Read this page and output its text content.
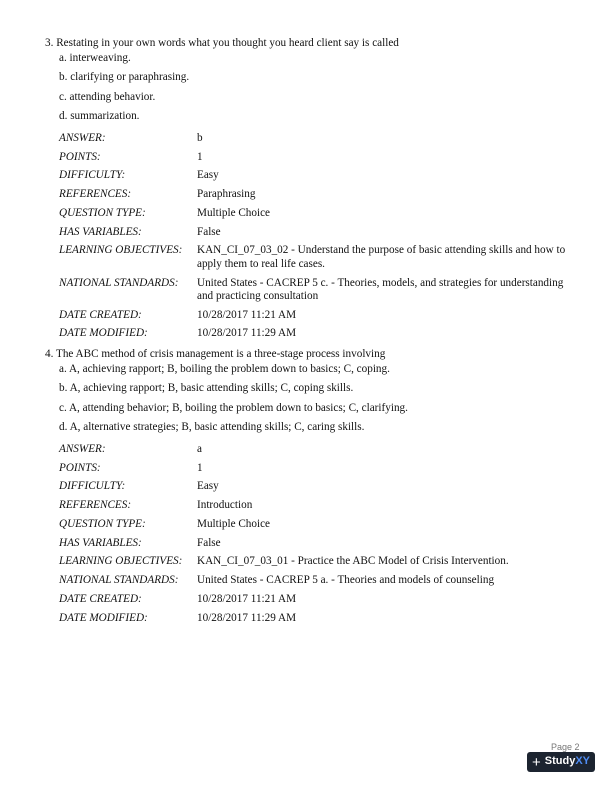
3. Restating in your own words what you thought you heard client say is called

a. interweaving.
b. clarifying or paraphrasing.
c. attending behavior.
d. summarization.
ANSWER:	b
POINTS:	1
DIFFICULTY:	Easy
REFERENCES:	Paraphrasing
QUESTION TYPE:	Multiple Choice
HAS VARIABLES:	False
LEARNING OBJECTIVES:	KAN_CI_07_03_02 - Understand the purpose of basic attending skills and how to apply them to real life cases.
NATIONAL STANDARDS:	United States - CACREP 5 c. - Theories, models, and strategies for understanding and practicing consultation
DATE CREATED:	10/28/2017 11:21 AM
DATE MODIFIED:	10/28/2017 11:29 AM

4. The ABC method of crisis management is a three-stage process involving

a. A, achieving rapport; B, boiling the problem down to basics; C, coping.
b. A, achieving rapport; B, basic attending skills; C, coping skills.
c. A, attending behavior; B, boiling the problem down to basics; C, clarifying.
d. A, alternative strategies; B, basic attending skills; C, caring skills.
ANSWER:	a
POINTS:	1
DIFFICULTY:	Easy
REFERENCES:	Introduction
QUESTION TYPE:	Multiple Choice
HAS VARIABLES:	False
LEARNING OBJECTIVES:	KAN_CI_07_03_01 - Practice the ABC Model of Crisis Intervention.
NATIONAL STANDARDS:	United States - CACREP 5 a. - Theories and models of counseling
DATE CREATED:	10/28/2017 11:21 AM
DATE MODIFIED:	10/28/2017 11:29 AM
Page 2
+ StudyXY
